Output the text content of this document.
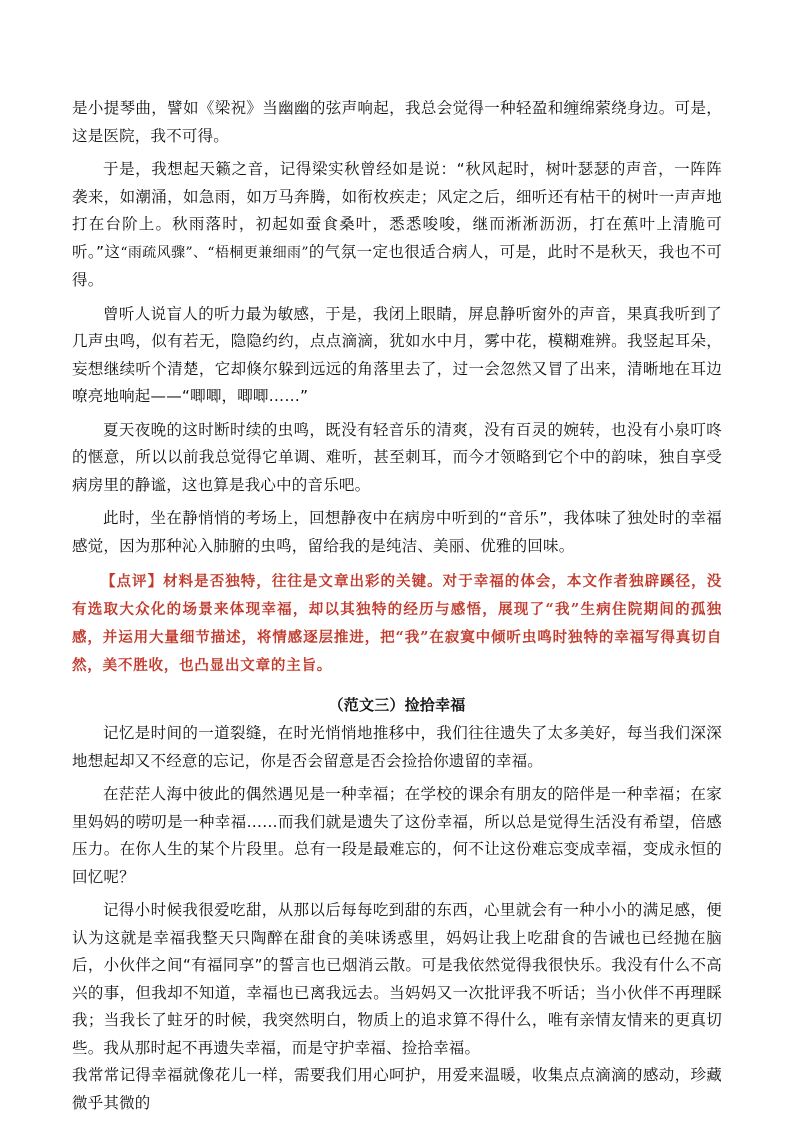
是小提琴曲，譬如《梁祝》当幽幽的弦声响起，我总会觉得一种轻盈和缠绵萦绕身边。可是，这是医院，我不可得。

于是，我想起天籁之音，记得梁实秋曾经如是说：“秋风起时，树叶瑟瑟的声音，一阵阵袭来，如潮涌，如急雨，如万马奔腾，如衔枚疾走；风定之后，细听还有枯干的树叶一声声地打在台阶上。秋雨落时，初起如蚕食桑叶，悉悉唆唆，继而淅淅沥沥，打在蕉叶上清脆可听。”这“雨疏风骤”、“梧桐更兼细雨”的气氛一定也很适合病人，可是，此时不是秋天，我也不可得。

曾听人说盲人的听力最为敏感，于是，我闭上眼睛，屏息静听窗外的声音，果真我听到了几声虫鸣，似有若无，隐隐约约，点点滴滴，犹如水中月，雾中花，模糊难辨。我竖起耳朵，妄想继续听个清楚，它却倏尔躲到远远的角落里去了，过一会忽然又冒了出来，清晰地在耳边嘹亮地响起——“唧唧，唧唧……”

夏天夜晚的这时断时续的虫鸣，既没有轻音乐的清爽，没有百灵的婉转，也没有小泉叮咚的惬意，所以以前我总觉得它单调、难听，甚至刺耳，而今才领略到它个中的韵味，独自享受病房里的静谧，这也算是我心中的音乐吧。

此时，坐在静悄悄的考场上，回想静夜中在病房中听到的“音乐”，我体味了独处时的幸福感觉，因为那种沁入肺腑的虫鸣，留给我的是纯洁、美丽、优雅的回味。

【点评】材料是否独特，往往是文章出彩的关键。对于幸福的体会，本文作者独辟蹊径，没有选取大众化的场景来体现幸福，却以其独特的经历与感悟，展现了“我”生病住院期间的孤独感，并运用大量细节描述，将情感逐层推进，把“我”在寂寞中倾听虫鸣时独特的幸福写得真切自然，美不胜收，也凸显出文章的主旨。

（范文三）捡拾幸福

记忆是时间的一道裂缝，在时光悄悄地推移中，我们往往遗失了太多美好，每当我们深深地想起却又不经意的忘记，你是否会留意是否会捡拾你遗留的幸福。

在茫茫人海中彼此的偶然遇见是一种幸福；在学校的课余有朋友的陪伴是一种幸福；在家里妈妈的唠叨是一种幸福……而我们就是遗失了这份幸福，所以总是觉得生活没有希望，倍感压力。在你人生的某个片段里。总有一段是最难忘的，何不让这份难忘变成幸福，变成永恒的回忆呢？

记得小时候我很爱吃甜，从那以后每每吃到甜的东西，心里就会有一种小小的满足感，便认为这就是幸福我整天只陶醉在甜食的美味诱惑里，妈妈让我上吃甜食的告诫也已经抛在脑后，小伙伴之间“有福同享”的誓言也已烟消云散。可是我依然觉得我很快乐。我没有什么不高兴的事，但我却不知道，幸福也已离我远去。当妈妈又一次批评我不听话；当小伙伴不再理睬我；当我长了蛀牙的时候，我突然明白，物质上的追求算不得什么，唯有亲情友情来的更真切些。我从那时起不再遗失幸福，而是守护幸福、捡拾幸福。

我常常记得幸福就像花儿一样，需要我们用心呵护，用爱来温暖，收集点点滴滴的感动，珍藏微乎其微的
